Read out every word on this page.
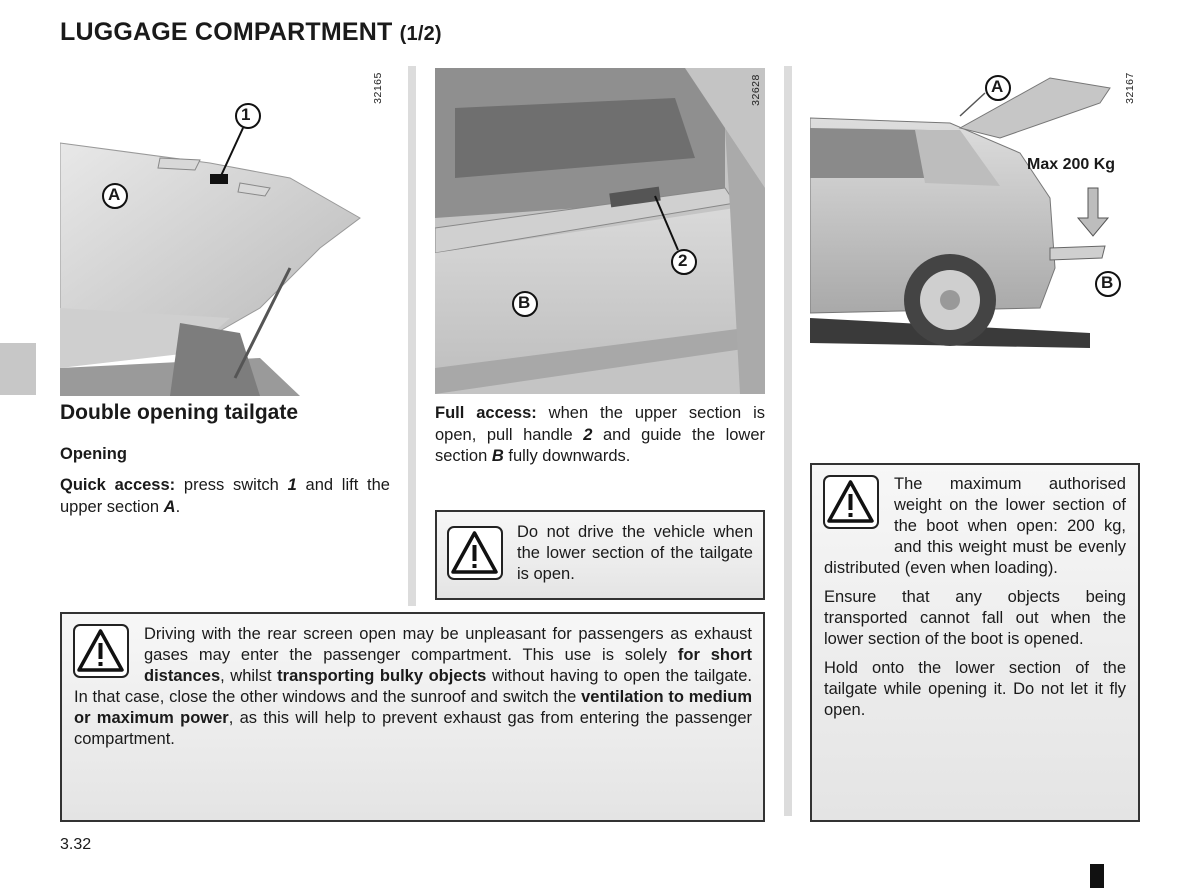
LUGGAGE COMPARTMENT (1/2)
1
A
32165
2
B
32628	A
B
Max 200 Kg
32167
Double opening tailgate
Opening
Quick access: press switch 1 and lift the upper section A.
Full access: when the upper section is open, pull handle 2 and guide the lower section B fully downwards.
Do not drive the vehicle when the lower section of the tailgate is open.
Driving with the rear screen open may be unpleasant for passengers as exhaust gases may enter the passenger compartment. This use is solely for short distances, whilst transporting bulky objects without having to open the tailgate. In that case, close the other windows and the sunroof and switch the ventilation to medium or maximum power, as this will help to prevent exhaust gas from entering the passenger compartment.

The maximum authorised weight on the lower section of the boot when open: 200 kg, and this weight must be evenly distributed (even when loading).

Ensure that any objects being transported cannot fall out when the lower section of the boot is opened.

Hold onto the lower section of the tailgate while opening it. Do not let it fly open.

3.32
